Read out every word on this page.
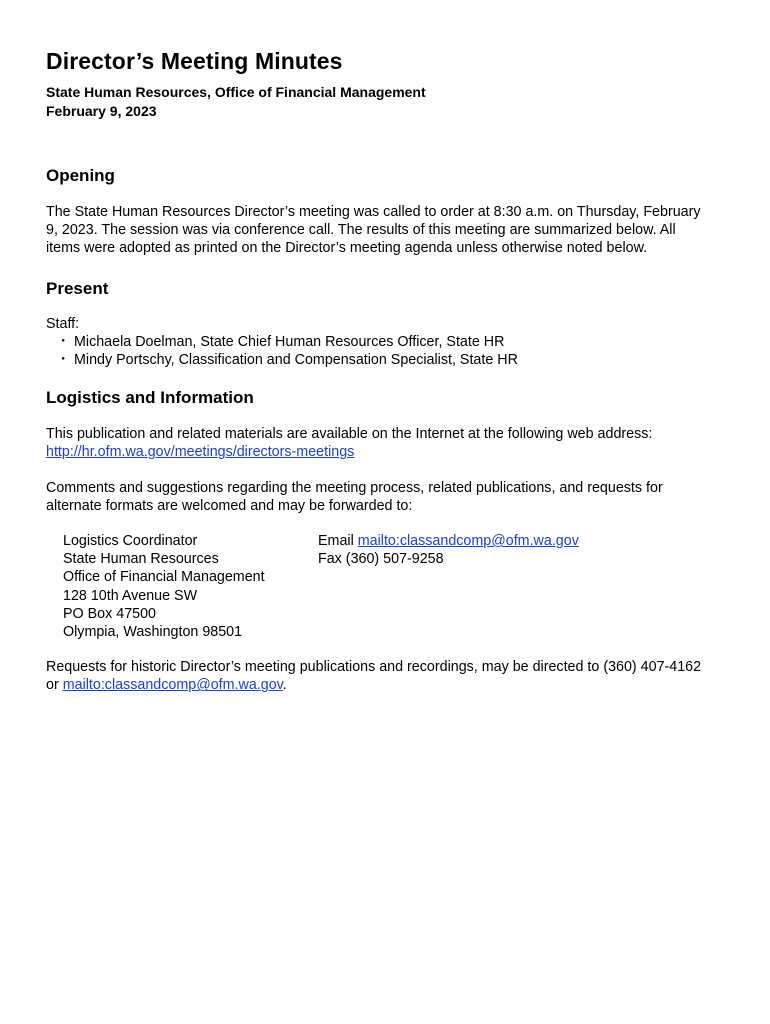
Director’s Meeting Minutes
State Human Resources, Office of Financial Management
February 9, 2023
Opening

The State Human Resources Director’s meeting was called to order at 8:30 a.m. on Thursday, February 9, 2023. The session was via conference call. The results of this meeting are summarized below. All items were adopted as printed on the Director’s meeting agenda unless otherwise noted below.

Present
Staff:
・ Michaela Doelman, State Chief Human Resources Officer, State HR
・ Mindy Portschy, Classification and Compensation Specialist, State HR
Logistics and Information

This publication and related materials are available on the Internet at the following web address:
http://hr.ofm.wa.gov/meetings/directors-meetings

Comments and suggestions regarding the meeting process, related publications, and requests for alternate formats are welcomed and may be forwarded to:

Logistics Coordinator
State Human Resources
Office of Financial Management
128 10th Avenue SW
PO Box 47500
Olympia, Washington 98501
Email mailto:classandcomp@ofm.wa.gov
Fax (360) 507-9258

Requests for historic Director’s meeting publications and recordings, may be directed to (360) 407-4162 or mailto:classandcomp@ofm.wa.gov.
